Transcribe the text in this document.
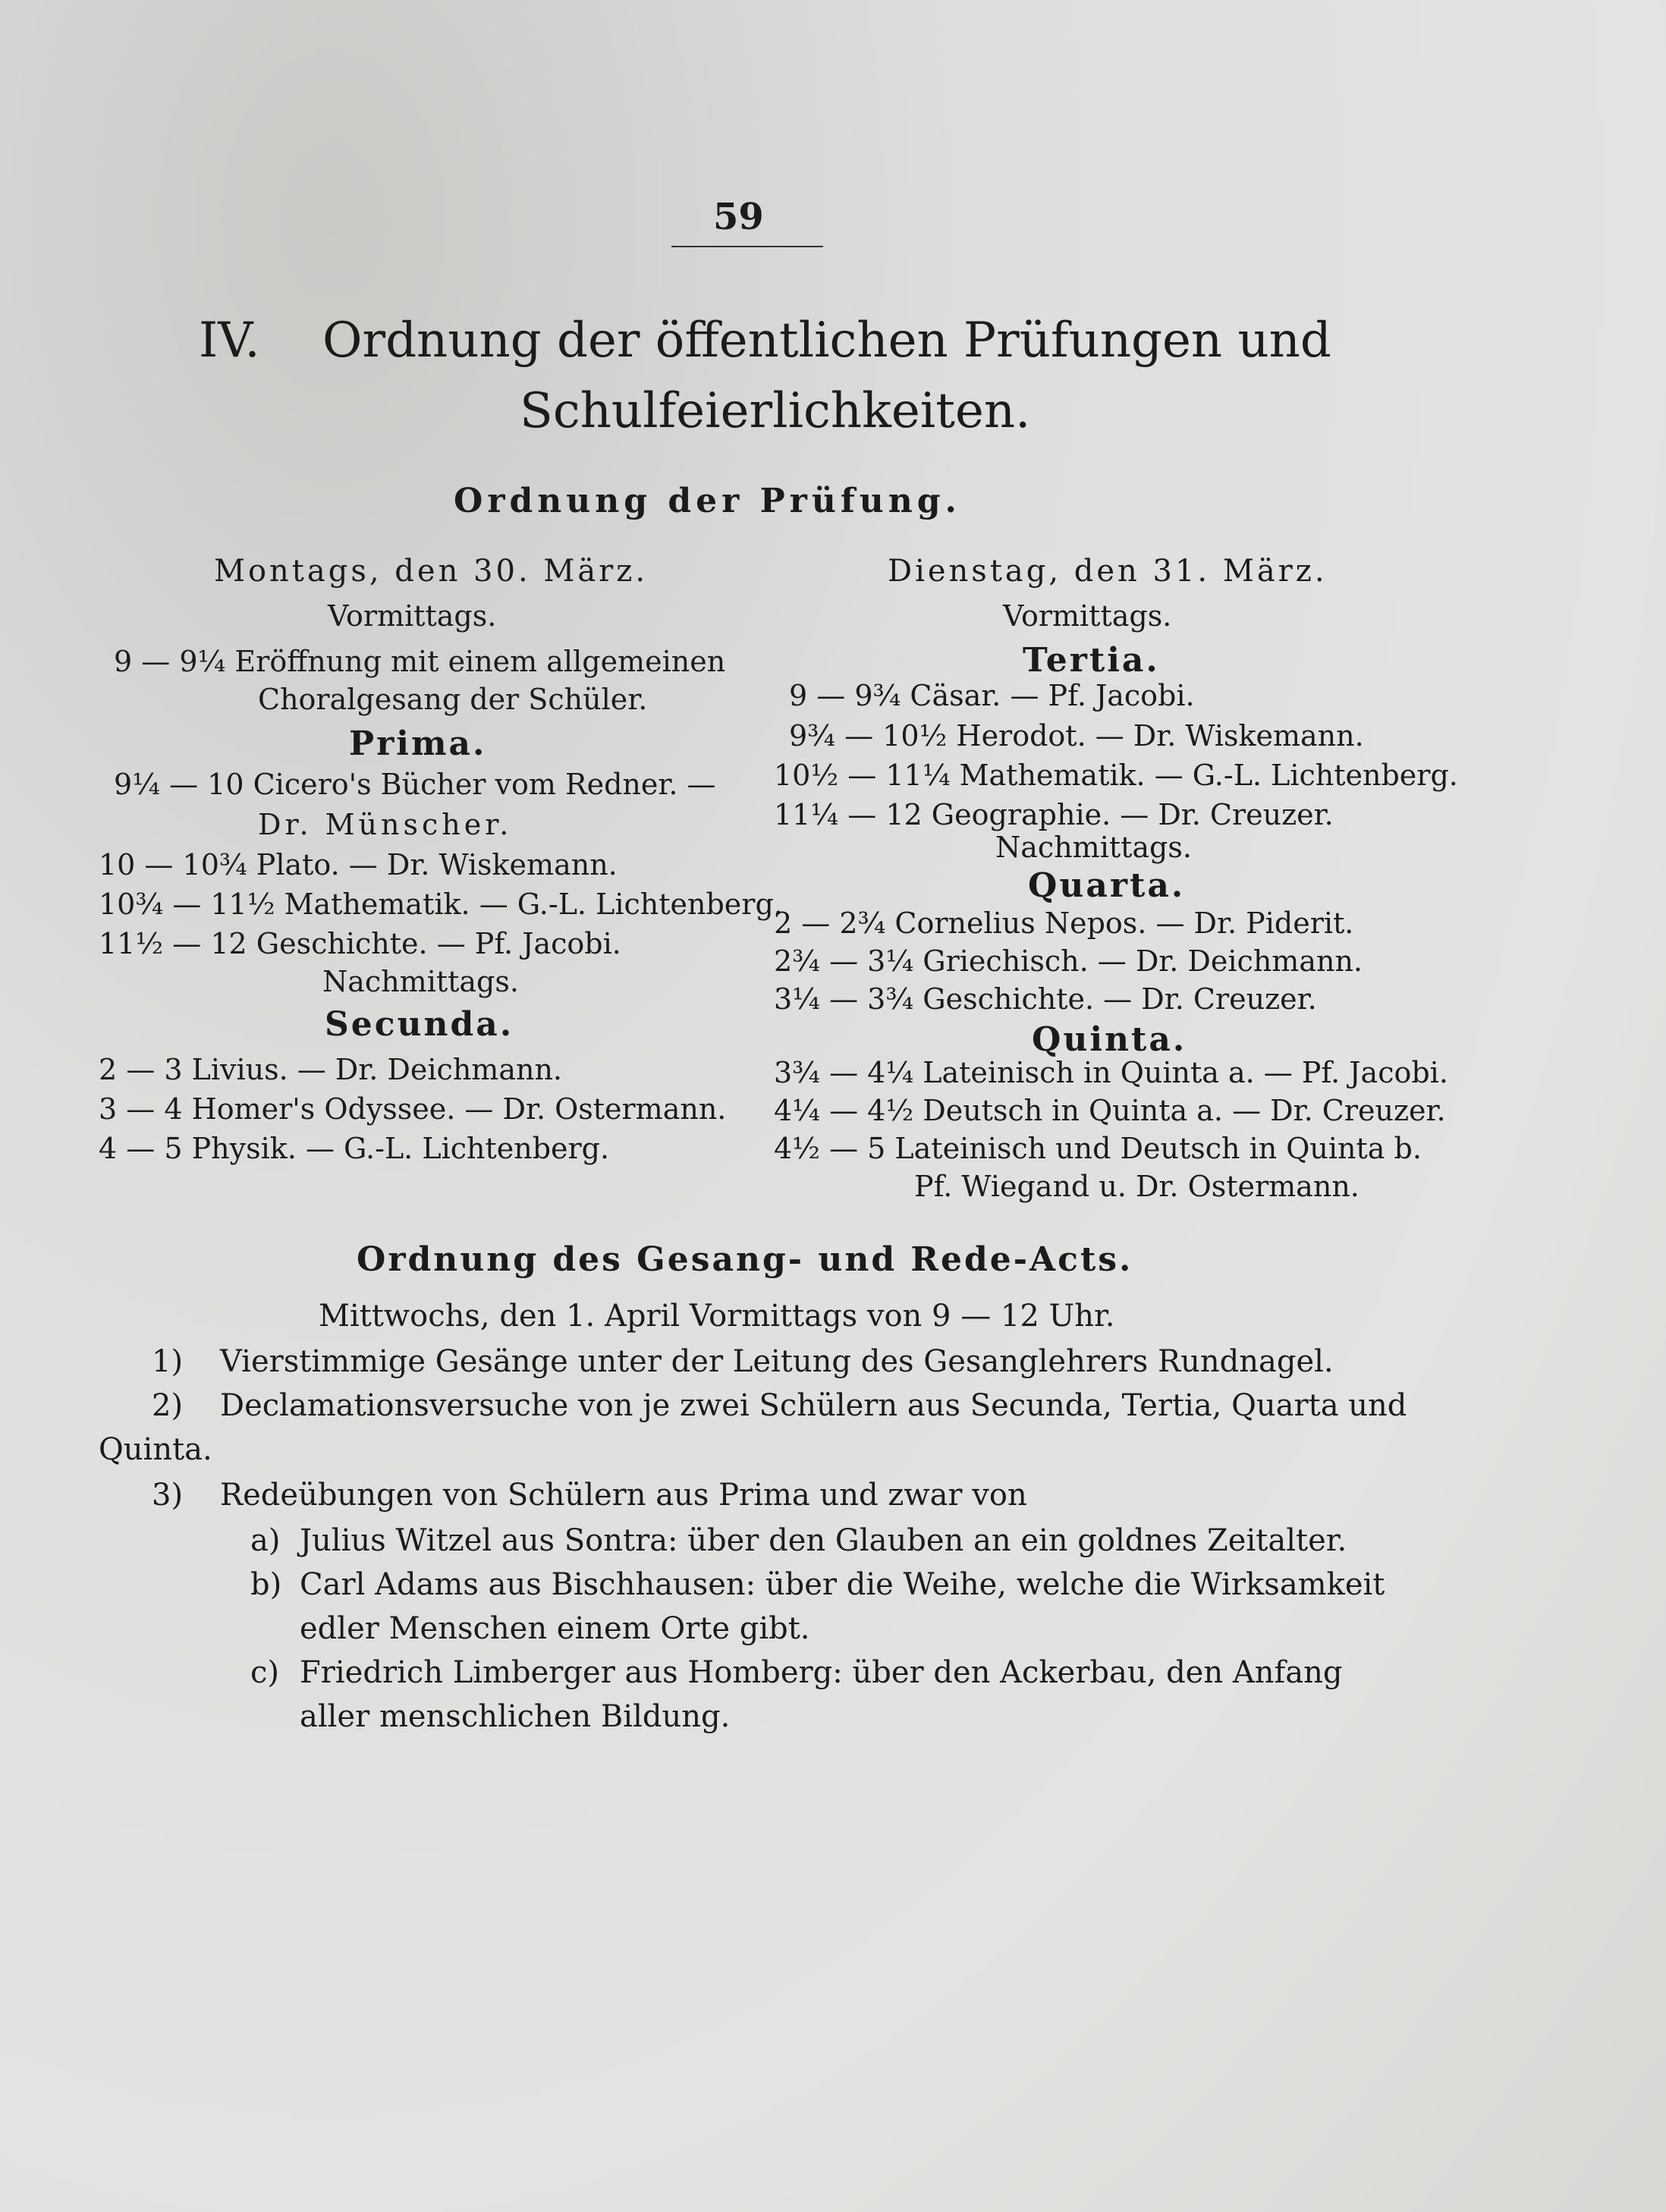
59
IV. Ordnung der öffentlichen Prüfungen und
Schulfeierlichkeiten.
Ordnung der Prüfung.
Montags, den 30. März.
Vormittags.
9 — 9¼ Eröffnung mit einem allgemeinen
Choralgesang der Schüler.
Prima.
9¼ — 10 Cicero's Bücher vom Redner. —
Dr. Münscher.
10 — 10¾ Plato. — Dr. Wiskemann.
10¾ — 11½ Mathematik. — G.-L. Lichtenberg.
11½ — 12 Geschichte. — Pf. Jacobi.
Nachmittags.
Secunda.
2 — 3 Livius. — Dr. Deichmann.
3 — 4 Homer's Odyssee. — Dr. Ostermann.
4 — 5 Physik. — G.-L. Lichtenberg.
Dienstag, den 31. März.
Vormittags.
Tertia.
9 — 9¾ Cäsar. — Pf. Jacobi.
9¾ — 10½ Herodot. — Dr. Wiskemann.
10½ — 11¼ Mathematik. — G.-L. Lichtenberg.
11¼ — 12 Geographie. — Dr. Creuzer.
Nachmittags.
Quarta.
2 — 2¾ Cornelius Nepos. — Dr. Piderit.
2¾ — 3¼ Griechisch. — Dr. Deichmann.
3¼ — 3¾ Geschichte. — Dr. Creuzer.
Quinta.
3¾ — 4¼ Lateinisch in Quinta a. — Pf. Jacobi.
4¼ — 4½ Deutsch in Quinta a. — Dr. Creuzer.
4½ — 5 Lateinisch und Deutsch in Quinta b.
Pf. Wiegand u. Dr. Ostermann.
Ordnung des Gesang- und Rede-Acts.
Mittwochs, den 1. April Vormittags von 9 — 12 Uhr.
1) Vierstimmige Gesänge unter der Leitung des Gesanglehrers Rundnagel.
2) Declamationsversuche von je zwei Schülern aus Secunda, Tertia, Quarta und
Quinta.
3) Redeübungen von Schülern aus Prima und zwar von
a) Julius Witzel aus Sontra: über den Glauben an ein goldnes Zeitalter.
b) Carl Adams aus Bischhausen: über die Weihe, welche die Wirksamkeit
edler Menschen einem Orte gibt.
c) Friedrich Limberger aus Homberg: über den Ackerbau, den Anfang
aller menschlichen Bildung.
